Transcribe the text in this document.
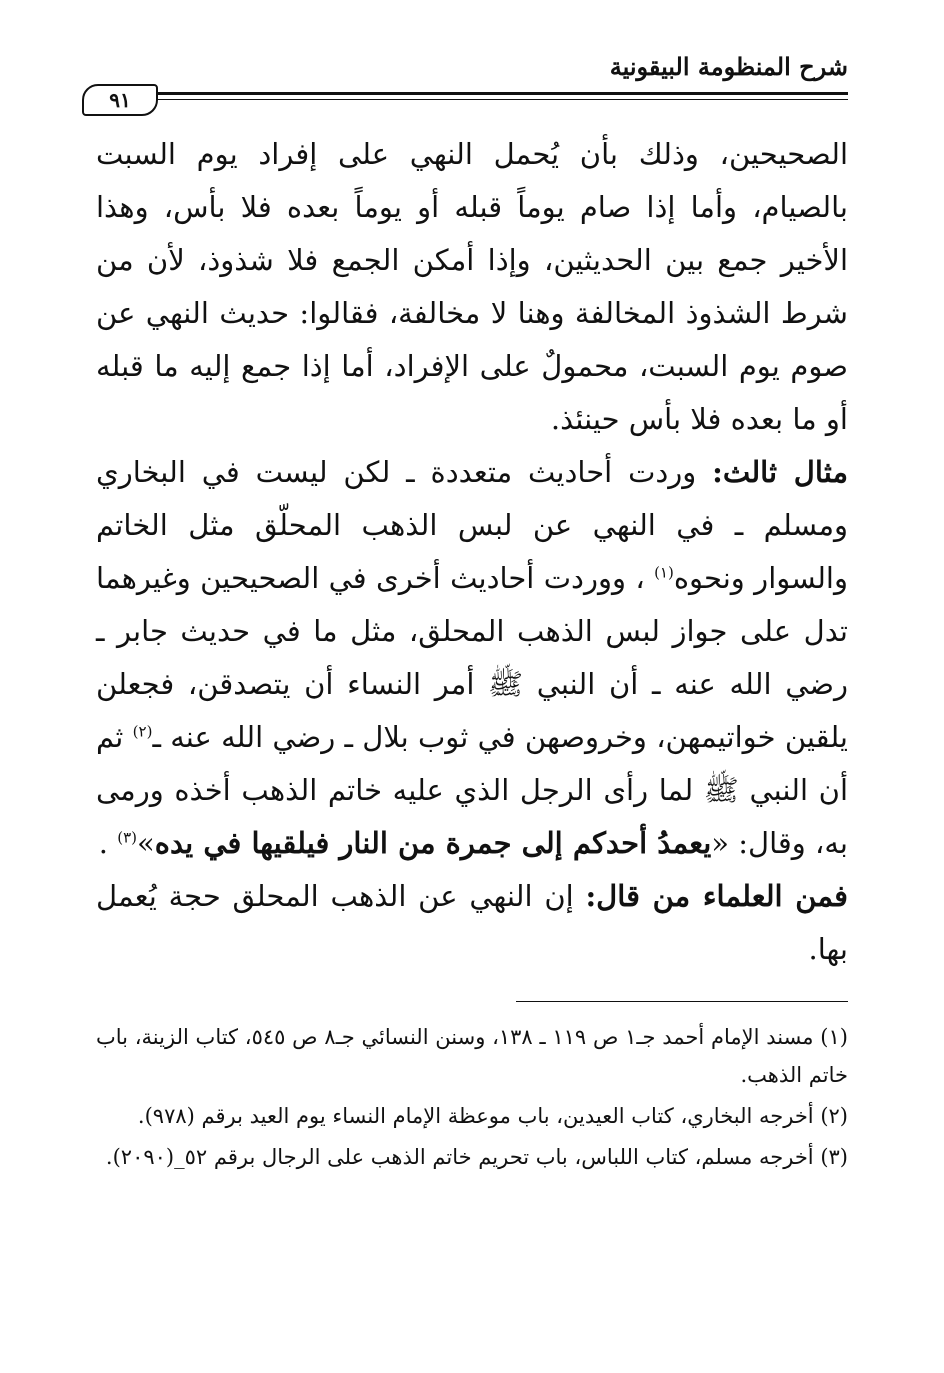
شرح المنظومة البيقونية
٩١

الصحيحين، وذلك بأن يُحمل النهي على إفراد يوم السبت بالصيام، وأما إذا صام يوماً قبله أو يوماً بعده فلا بأس، وهذا الأخير جمع بين الحديثين، وإذا أمكن الجمع فلا شذوذ، لأن من شرط الشذوذ المخالفة وهنا لا مخالفة، فقالوا: حديث النهي عن صوم يوم السبت، محمولٌ على الإفراد، أما إذا جمع إليه ما قبله أو ما بعده فلا بأس حينئذ.

مثال ثالث: وردت أحاديث متعددة ـ لكن ليست في البخاري ومسلم ـ في النهي عن لبس الذهب المحلّق مثل الخاتم والسوار ونحوه$^{(١)}$ ، ووردت أحاديث أخرى في الصحيحين وغيرهما تدل على جواز لبس الذهب المحلق، مثل ما في حديث جابر ـ رضي الله عنه ـ أن النبي ﷺ أمر النساء أن يتصدقن، فجعلن يلقين خواتيمهن، وخروصهن في ثوب بلال ـ رضي الله عنه ـ$^{(٢)}$ ثم أن النبي ﷺ لما رأى الرجل الذي عليه خاتم الذهب أخذه ورمى به، وقال: «يعمدُ أحدكم إلى جمرة من النار فيلقيها في يده»$^{(٣)}$ .

فمن العلماء من قال: إن النهي عن الذهب المحلق حجة يُعمل بها.

(١) مسند الإمام أحمد جـ١ ص ١١٩ ـ ١٣٨، وسنن النسائي جـ٨ ص ٥٤٥، كتاب الزينة، باب خاتم الذهب.

(٢) أخرجه البخاري، كتاب العيدين، باب موعظة الإمام النساء يوم العيد برقم (٩٧٨).

(٣) أخرجه مسلم، كتاب اللباس، باب تحريم خاتم الذهب على الرجال برقم ٥٢_(٢٠٩٠).
